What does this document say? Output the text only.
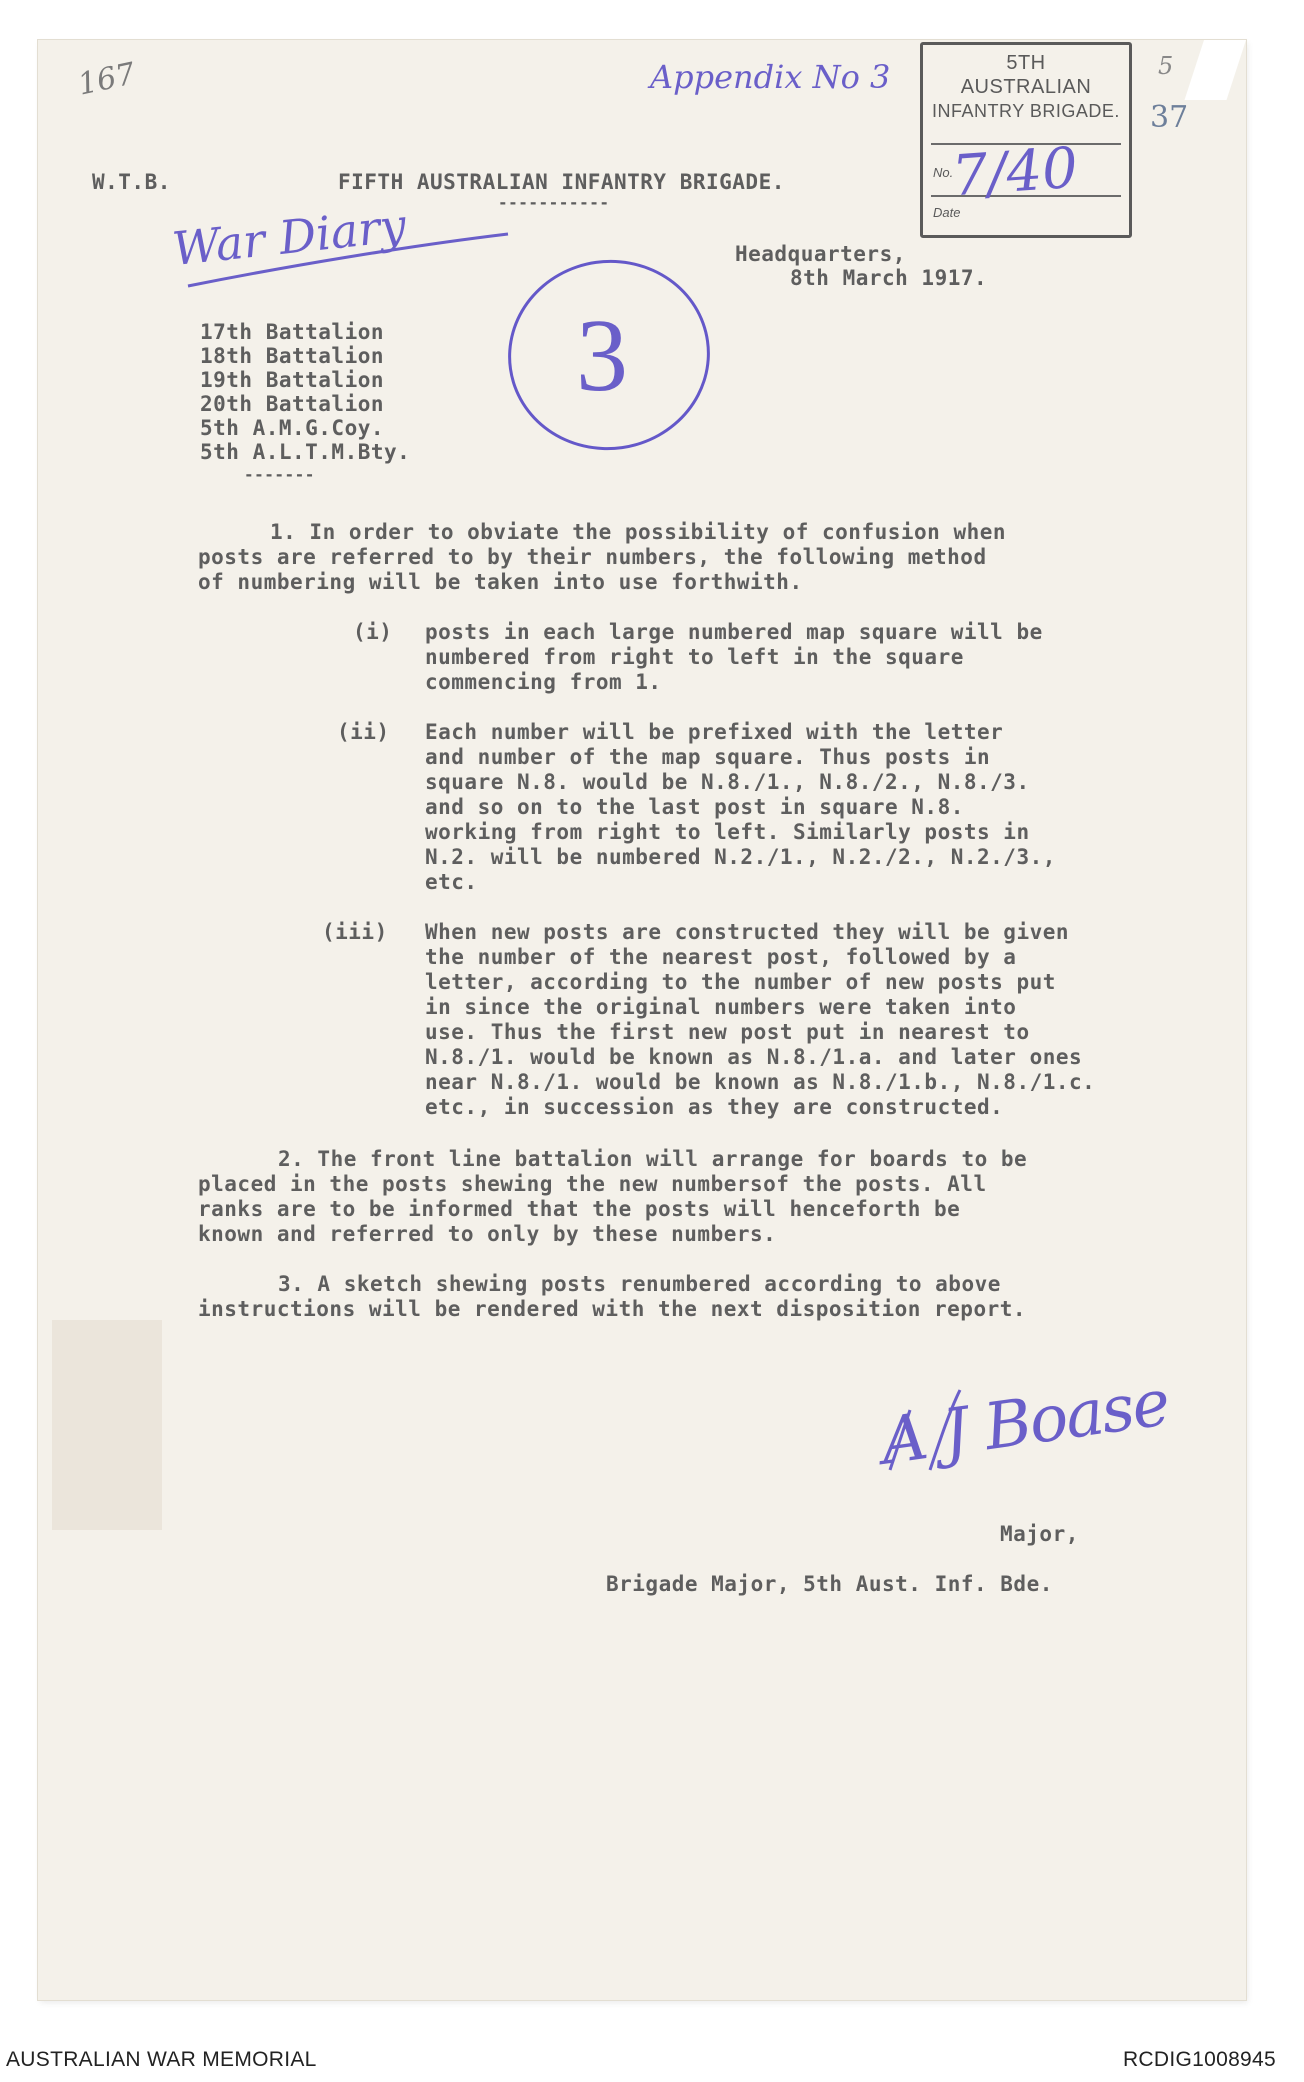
167	Appendix No 3	5
37
5TH
AUSTRALIAN
INFANTRY BRIGADE.
No.
Date
7/40
W.T.B.	FIFTH AUSTRALIAN INFANTRY BRIGADE.
-----------
War Diary
3
Headquarters,
8th March 1917.
17th Battalion
18th Battalion
19th Battalion
20th Battalion
5th A.M.G.Coy.
5th A.L.T.M.Bty.
-------
1. In order to obviate the possibility of confusion when
posts are referred to by their numbers, the following method
of numbering will be taken into use forthwith.
(i) posts in each large numbered map square will be
numbered from right to left in the square
commencing from 1.
(ii) Each number will be prefixed with the letter
and number of the map square. Thus posts in
square N.8. would be N.8./1., N.8./2., N.8./3.
and so on to the last post in square N.8.
working from right to left. Similarly posts in
N.2. will be numbered N.2./1., N.2./2., N.2./3.,
etc.
(iii) When new posts are constructed they will be given
the number of the nearest post, followed by a
letter, according to the number of new posts put
in since the original numbers were taken into
use. Thus the first new post put in nearest to
N.8./1. would be known as N.8./1.a. and later ones
near N.8./1. would be known as N.8./1.b., N.8./1.c.
etc., in succession as they are constructed.
2. The front line battalion will arrange for boards to be
placed in the posts shewing the new numbersof the posts. All
ranks are to be informed that the posts will henceforth be
known and referred to only by these numbers.
3. A sketch shewing posts renumbered according to above
instructions will be rendered with the next disposition report.
A J Boase
Major,
Brigade Major, 5th Aust. Inf. Bde.
AUSTRALIAN WAR MEMORIAL	RCDIG1008945
